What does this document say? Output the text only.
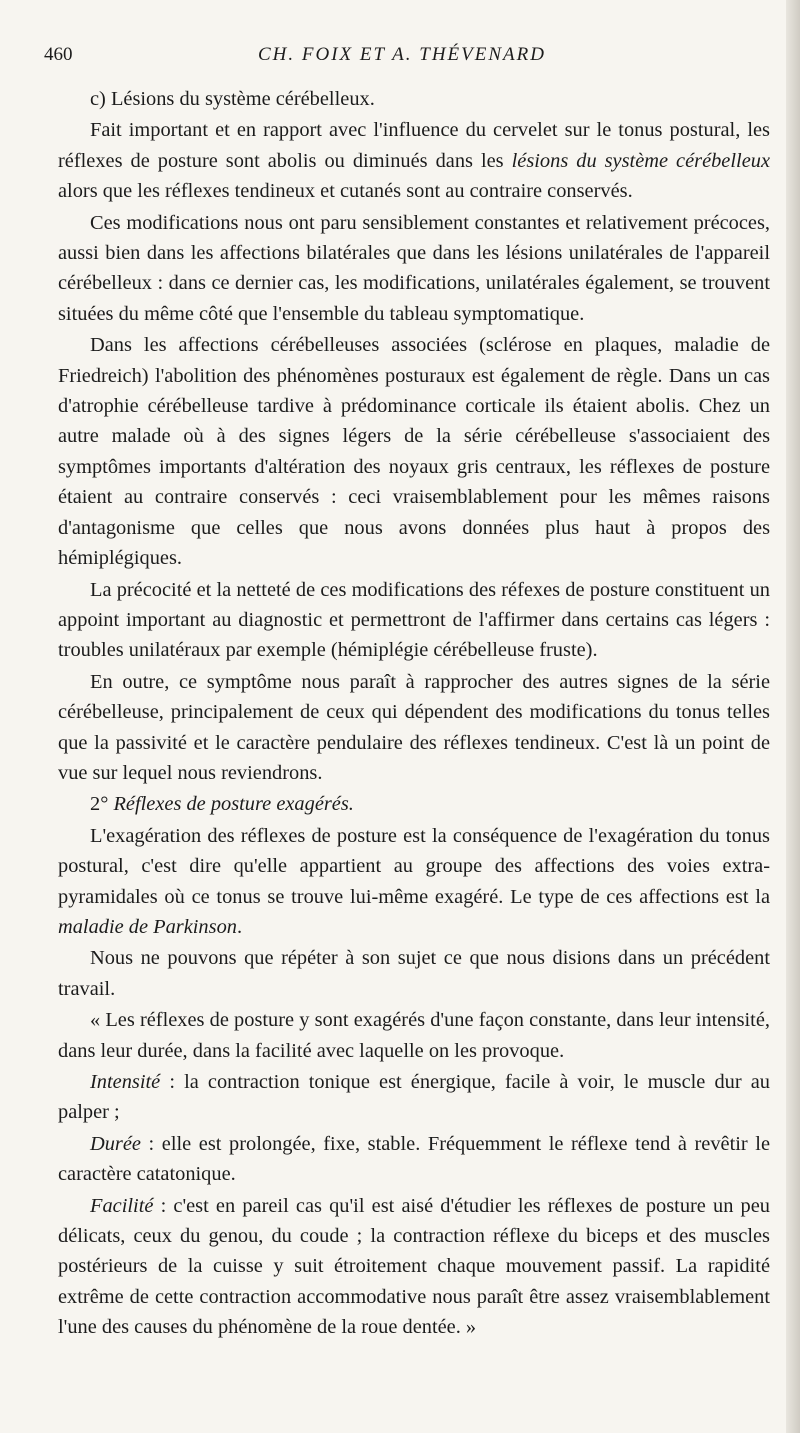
460	CH. FOIX ET A. THÉVENARD

c) Lésions du système cérébelleux.

Fait important et en rapport avec l'influence du cervelet sur le tonus postural, les réflexes de posture sont abolis ou diminués dans les lésions du système cérébelleux alors que les réflexes tendineux et cutanés sont au contraire conservés.

Ces modifications nous ont paru sensiblement constantes et relativement précoces, aussi bien dans les affections bilatérales que dans les lésions unilatérales de l'appareil cérébelleux : dans ce dernier cas, les modifications, unilatérales également, se trouvent situées du même côté que l'ensemble du tableau symptomatique.

Dans les affections cérébelleuses associées (sclérose en plaques, maladie de Friedreich) l'abolition des phénomènes posturaux est également de règle. Dans un cas d'atrophie cérébelleuse tardive à prédominance corticale ils étaient abolis. Chez un autre malade où à des signes légers de la série cérébelleuse s'associaient des symptômes importants d'altération des noyaux gris centraux, les réflexes de posture étaient au contraire conservés : ceci vraisemblablement pour les mêmes raisons d'antagonisme que celles que nous avons données plus haut à propos des hémiplégiques.

La précocité et la netteté de ces modifications des réfexes de posture constituent un appoint important au diagnostic et permettront de l'affirmer dans certains cas légers : troubles unilatéraux par exemple (hémiplégie cérébelleuse fruste).

En outre, ce symptôme nous paraît à rapprocher des autres signes de la série cérébelleuse, principalement de ceux qui dépendent des modifications du tonus telles que la passivité et le caractère pendulaire des réflexes tendineux. C'est là un point de vue sur lequel nous reviendrons.

2° Réflexes de posture exagérés.

L'exagération des réflexes de posture est la conséquence de l'exagération du tonus postural, c'est dire qu'elle appartient au groupe des affections des voies extra-pyramidales où ce tonus se trouve lui-même exagéré. Le type de ces affections est la maladie de Parkinson.

Nous ne pouvons que répéter à son sujet ce que nous disions dans un précédent travail.

« Les réflexes de posture y sont exagérés d'une façon constante, dans leur intensité, dans leur durée, dans la facilité avec laquelle on les provoque.

Intensité : la contraction tonique est énergique, facile à voir, le muscle dur au palper ;

Durée : elle est prolongée, fixe, stable. Fréquemment le réflexe tend à revêtir le caractère catatonique.

Facilité : c'est en pareil cas qu'il est aisé d'étudier les réflexes de posture un peu délicats, ceux du genou, du coude ; la contraction réflexe du biceps et des muscles postérieurs de la cuisse y suit étroitement chaque mouvement passif. La rapidité extrême de cette contraction accommodative nous paraît être assez vraisemblablement l'une des causes du phénomène de la roue dentée. »
